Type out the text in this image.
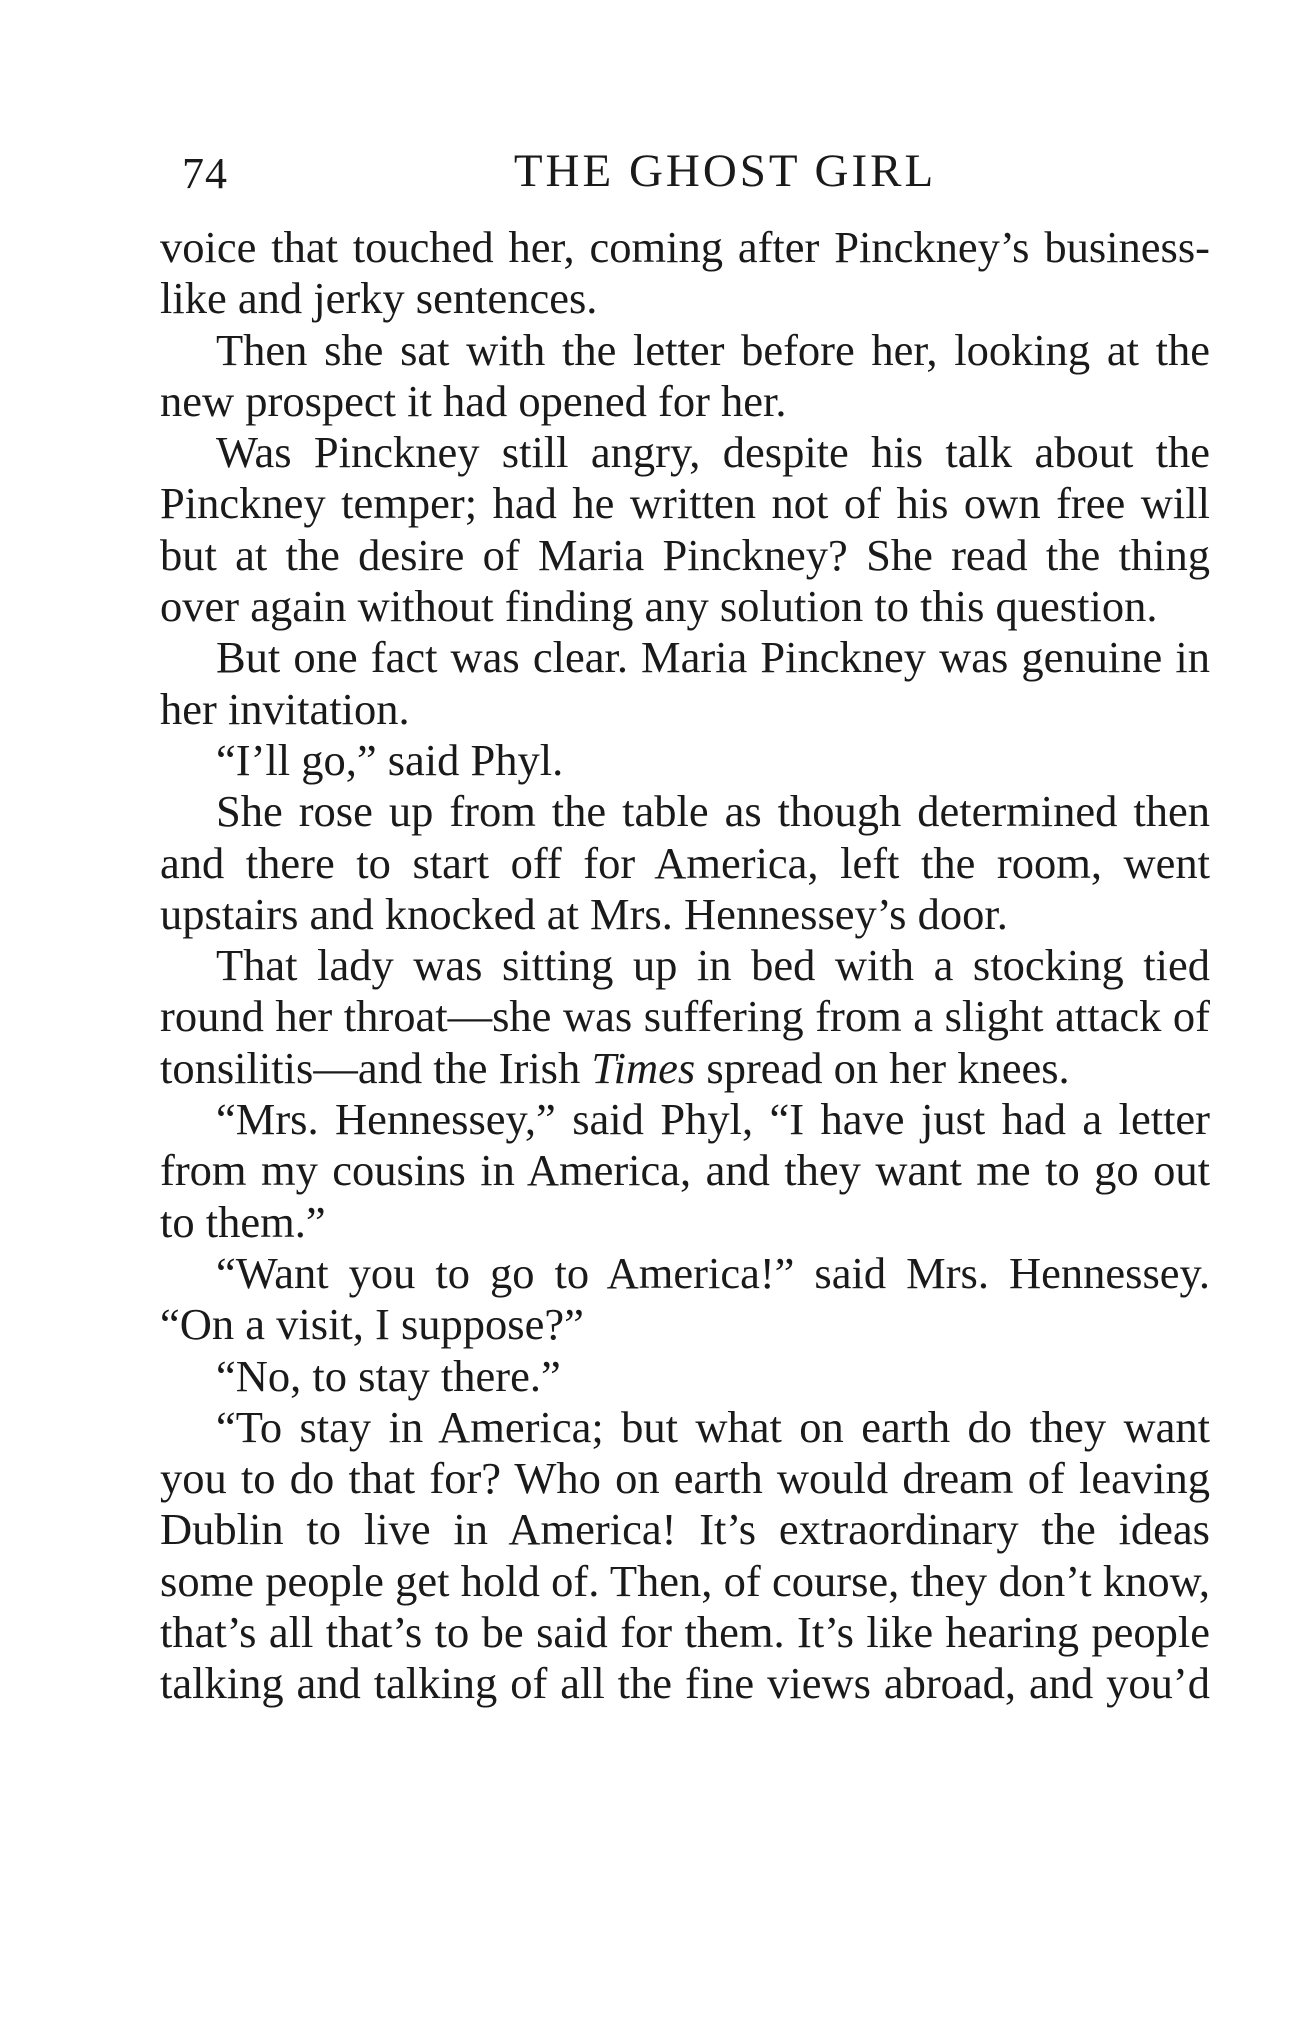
74	THE GHOST GIRL

voice that touched her, coming after Pinckney’s business-like and jerky sentences.

Then she sat with the letter before her, looking at the new prospect it had opened for her.

Was Pinckney still angry, despite his talk about the Pinckney temper; had he written not of his own free will but at the desire of Maria Pinckney? She read the thing over again without finding any solution to this question.

But one fact was clear. Maria Pinckney was genuine in her invitation.

“I’ll go,” said Phyl.

She rose up from the table as though determined then and there to start off for America, left the room, went upstairs and knocked at Mrs. Hennessey’s door.

That lady was sitting up in bed with a stocking tied round her throat—she was suffering from a slight attack of tonsilitis—and the Irish Times spread on her knees.

“Mrs. Hennessey,” said Phyl, “I have just had a letter from my cousins in America, and they want me to go out to them.”

“Want you to go to America!” said Mrs. Hennessey. “On a visit, I suppose?”

“No, to stay there.”

“To stay in America; but what on earth do they want you to do that for? Who on earth would dream of leaving Dublin to live in America! It’s extraordinary the ideas some people get hold of. Then, of course, they don’t know, that’s all that’s to be said for them. It’s like hearing people talking and talking of all the fine views abroad, and you’d
